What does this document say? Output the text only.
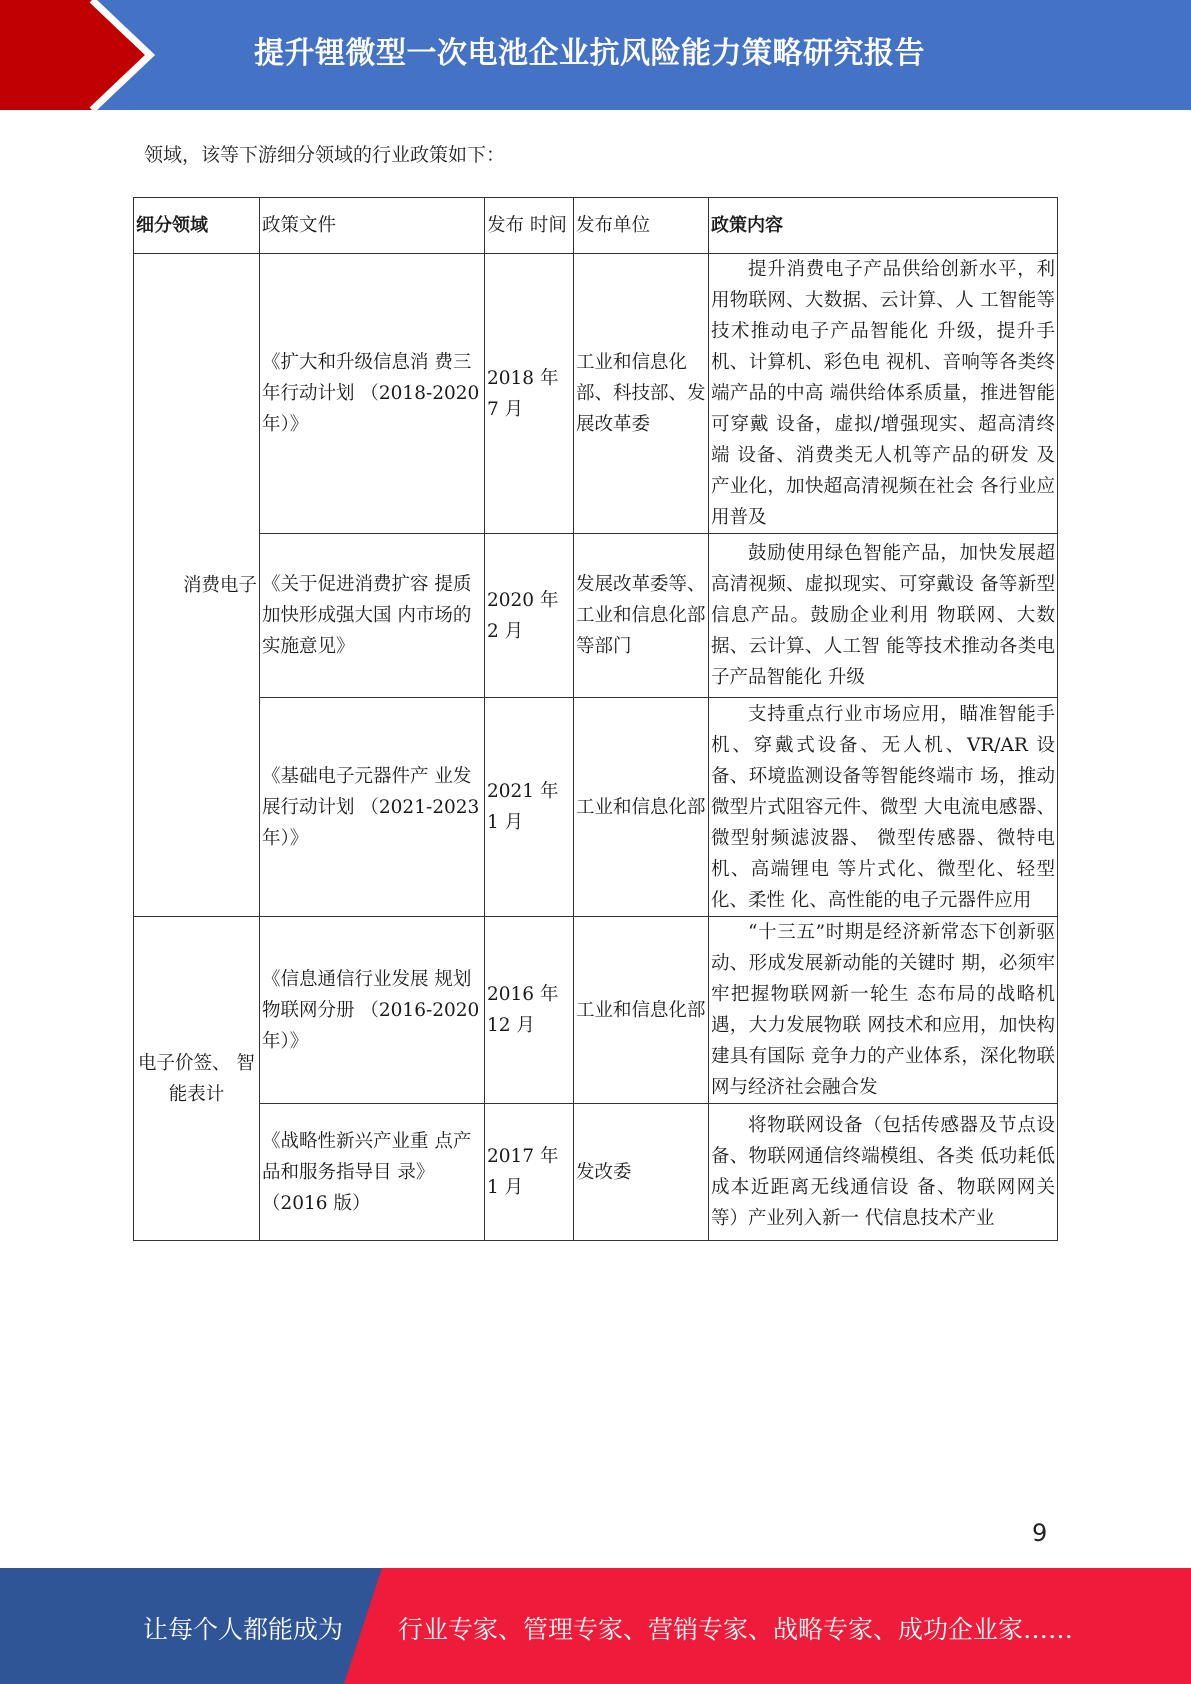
提升锂微型一次电池企业抗风险能力策略研究报告
领域，该等下游细分领域的行业政策如下：
细分领域	政策文件	发布 时间	发布单位	政策内容
消费电子	《扩大和升级信息消 费三年行动计划 （2018-2020 年）》	2018 年 7 月	工业和信息化部、科技部、发展改革委	提升消费电子产品供给创新水平，利用物联网、大数据、云计算、人 工智能等技术推动电子产品智能化 升级，提升手机、计算机、彩色电 视机、音响等各类终端产品的中高 端供给体系质量，推进智能可穿戴 设备，虚拟/增强现实、超高清终端 设备、消费类无人机等产品的研发 及产业化，加快超高清视频在社会 各行业应用普及
	《关于促进消费扩容 提质加快形成强大国 内市场的实施意见》	2020 年 2 月	发展改革委等、工业和信息化部等部门	鼓励使用绿色智能产品，加快发展超高清视频、虚拟现实、可穿戴设 备等新型信息产品。鼓励企业利用 物联网、大数据、云计算、人工智 能等技术推动各类电子产品智能化 升级
	《基础电子元器件产 业发展行动计划 （2021-2023 年）》	2021 年 1 月	工业和信息化部	支持重点行业市场应用，瞄准智能手机、穿戴式设备、无人机、VR/AR 设备、环境监测设备等智能终端市 场，推动微型片式阻容元件、微型 大电流电感器、微型射频滤波器、 微型传感器、微特电机、高端锂电 等片式化、微型化、轻型化、柔性 化、高性能的电子元器件应用
电子价签、 智能表计	《信息通信行业发展 规划物联网分册 （2016-2020 年）》	2016 年 12 月	工业和信息化部	“十三五”时期是经济新常态下创新驱动、形成发展新动能的关键时 期，必须牢牢把握物联网新一轮生 态布局的战略机遇，大力发展物联 网技术和应用，加快构建具有国际 竞争力的产业体系，深化物联网与经济社会融合发
	《战略性新兴产业重 点产品和服务指导目 录》（2016 版）	2017 年 1 月	发改委	将物联网设备（包括传感器及节点设备、物联网通信终端模组、各类 低功耗低成本近距离无线通信设 备、物联网网关等）产业列入新一 代信息技术产业
9
让每个人都能成为 行业专家、管理专家、营销专家、战略专家、成功企业家……
